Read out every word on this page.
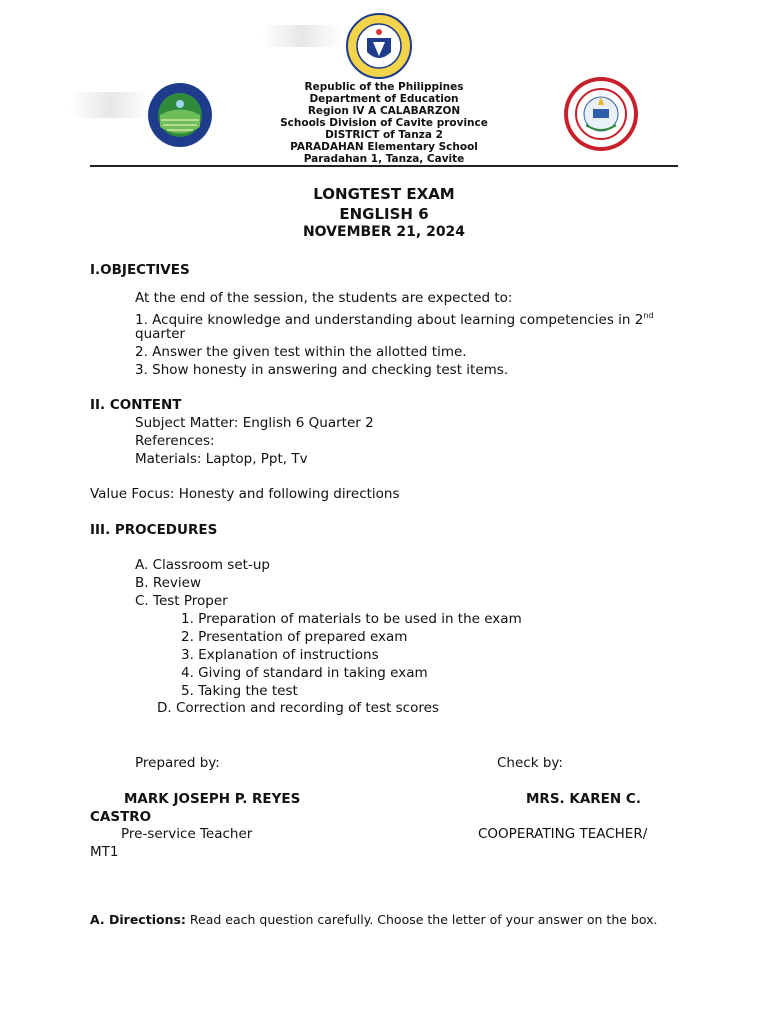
Republic of the Philippines
Department of Education
Region IV A CALABARZON
Schools Division of Cavite province
DISTRICT of Tanza 2
PARADAHAN Elementary School
Paradahan 1, Tanza, Cavite
LONGTEST EXAM
ENGLISH 6
NOVEMBER 21, 2024
I.OBJECTIVES
At the end of the session, the students are expected to:
1. Acquire knowledge and understanding about learning competencies in 2nd
quarter
2. Answer the given test within the allotted time.
3. Show honesty in answering and checking test items.
II. CONTENT
Subject Matter: English 6 Quarter 2
References:
Materials: Laptop, Ppt, Tv
Value Focus: Honesty and following directions
III. PROCEDURES
A. Classroom set-up
B. Review
C. Test Proper
1. Preparation of materials to be used in the exam
2. Presentation of prepared exam
3. Explanation of instructions
4. Giving of standard in taking exam
5. Taking the test
D. Correction and recording of test scores
Prepared by:	Check by:
MARK JOSEPH P. REYES	MRS. KAREN C.
CASTRO
Pre-service Teacher	COOPERATING TEACHER/
MT1
A. Directions: Read each question carefully. Choose the letter of your answer on the box.
